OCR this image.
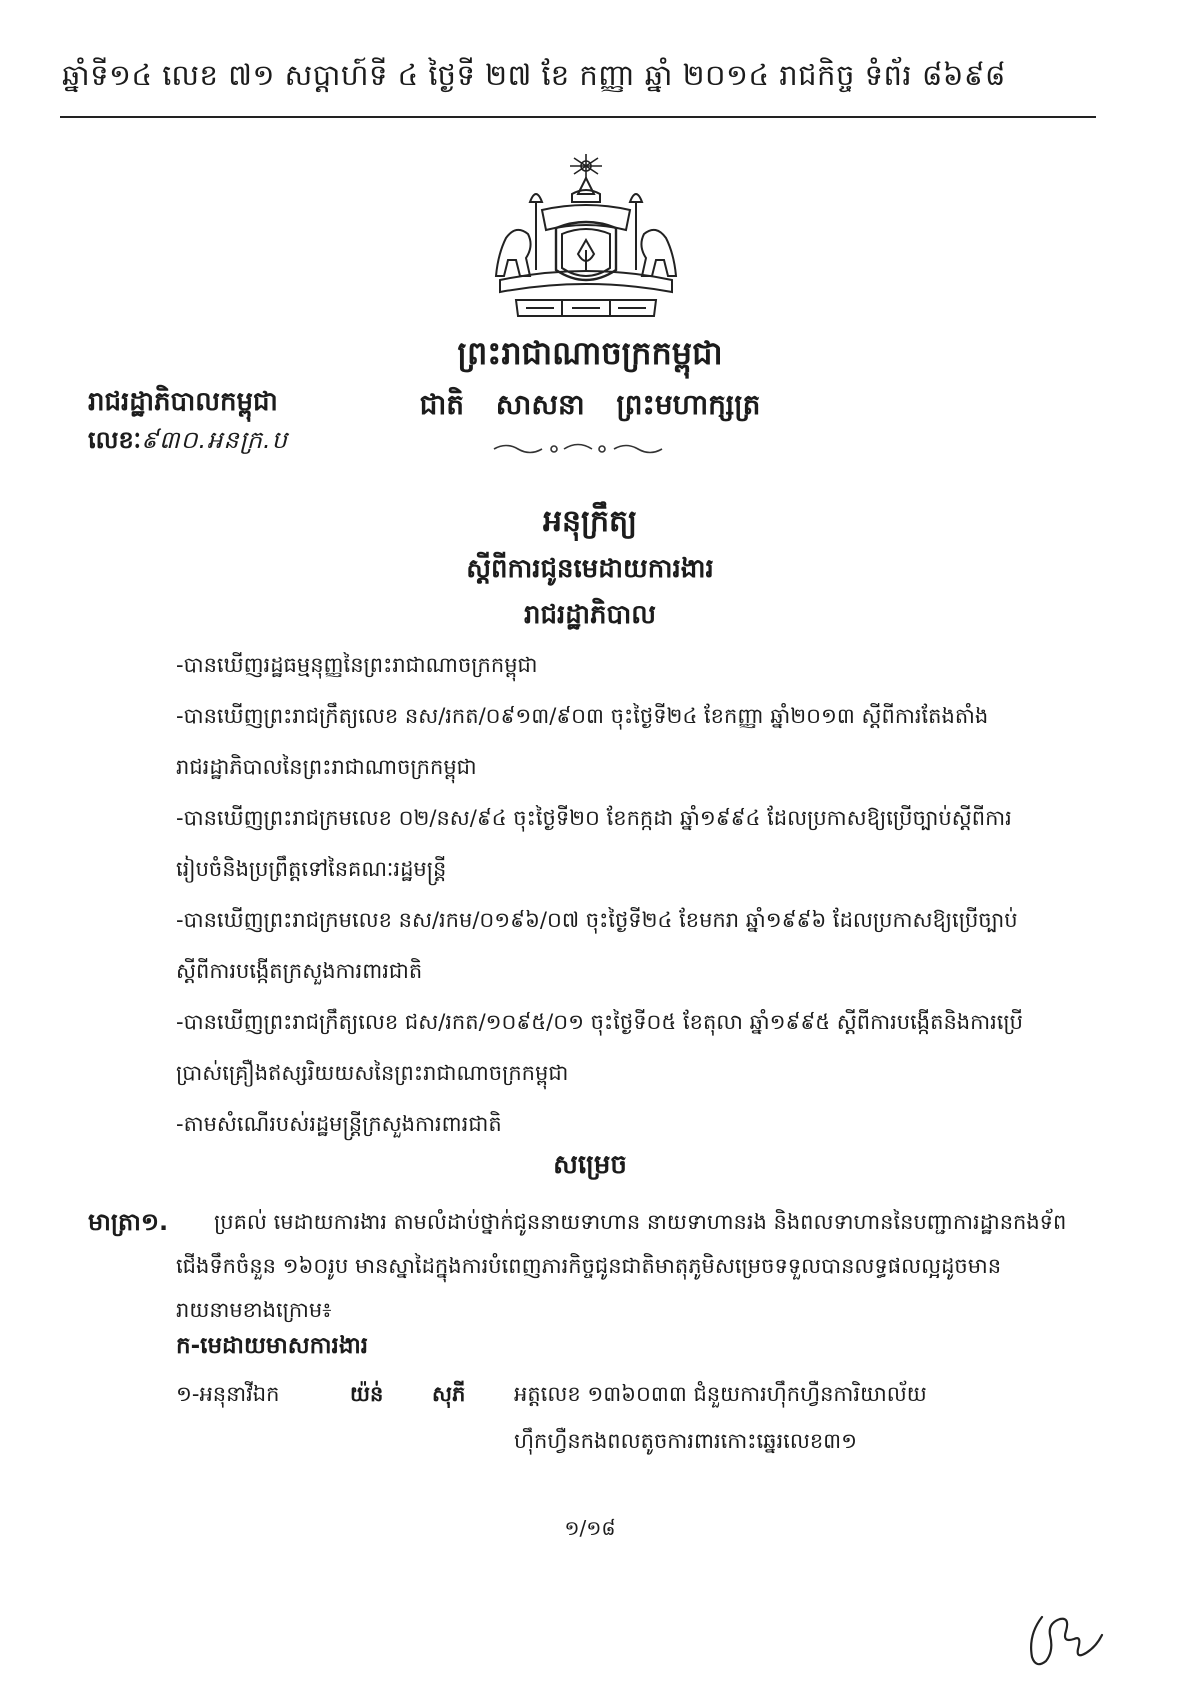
ឆ្នាំទី១៤ លេខ ៧១ សប្តាហ៍ទី ៤ ថ្ងៃទី ២៧ ខែ កញ្ញា ឆ្នាំ ២០១៤ រាជកិច្ច ទំព័រ ៨៦៩៨
ព្រះរាជាណាចក្រកម្ពុជា
ជាតិ សាសនា ព្រះមហាក្សត្រ
រាជរដ្ឋាភិបាលកម្ពុជា
លេខៈ៩៣០.អនក្រ.ប
អនុក្រឹត្យ
ស្តីពីការជូនមេដាយការងារ
រាជរដ្ឋាភិបាល
-បានឃើញរដ្ឋធម្មនុញ្ញនៃព្រះរាជាណាចក្រកម្ពុជា
-បានឃើញព្រះរាជក្រឹត្យលេខ នស/រកត/០៩១៣/៩០៣ ចុះថ្ងៃទី២៤ ខែកញ្ញា ឆ្នាំ២០១៣ ស្តីពីការតែងតាំង
រាជរដ្ឋាភិបាលនៃព្រះរាជាណាចក្រកម្ពុជា
-បានឃើញព្រះរាជក្រមលេខ ០២/នស/៩៤ ចុះថ្ងៃទី២០ ខែកក្កដា ឆ្នាំ១៩៩៤ ដែលប្រកាសឱ្យប្រើច្បាប់ស្តីពីការ
រៀបចំនិងប្រព្រឹត្តទៅនៃគណៈរដ្ឋមន្ត្រី
-បានឃើញព្រះរាជក្រមលេខ នស/រកម/០១៩៦/០៧ ចុះថ្ងៃទី២៤ ខែមករា ឆ្នាំ១៩៩៦ ដែលប្រកាសឱ្យប្រើច្បាប់
ស្តីពីការបង្កើតក្រសួងការពារជាតិ
-បានឃើញព្រះរាជក្រឹត្យលេខ ជស/រកត/១០៩៥/០១ ចុះថ្ងៃទី០៥ ខែតុលា ឆ្នាំ១៩៩៥ ស្តីពីការបង្កើតនិងការប្រើ
ប្រាស់គ្រឿងឥស្សរិយយសនៃព្រះរាជាណាចក្រកម្ពុជា
-តាមសំណើរបស់រដ្ឋមន្ត្រីក្រសួងការពារជាតិ
សម្រេច
មាត្រា១.	ប្រគល់ មេដាយការងារ តាមលំដាប់ថ្នាក់ជូននាយទាហាន នាយទាហានរង និងពលទាហាននៃបញ្ជាការដ្ឋានកងទ័ព
ជើងទឹកចំនួន ១៦០រូប មានស្នាដៃក្នុងការបំពេញភារកិច្ចជូនជាតិមាតុភូមិសម្រេចទទួលបានលទ្ធផលល្អដូចមាន
រាយនាមខាងក្រោម៖
ក-មេដាយមាសការងារ
១-អនុនាវីឯក	យ៉ន់ សុភី អត្តលេខ ១៣៦០៣៣ ជំនួយការហ៊ឹកហ្វឺនការិយាល័យ
ហ៊ឹកហ្វឺនកងពលតូចការពារកោះឆ្នេរលេខ៣១
១/១៨
